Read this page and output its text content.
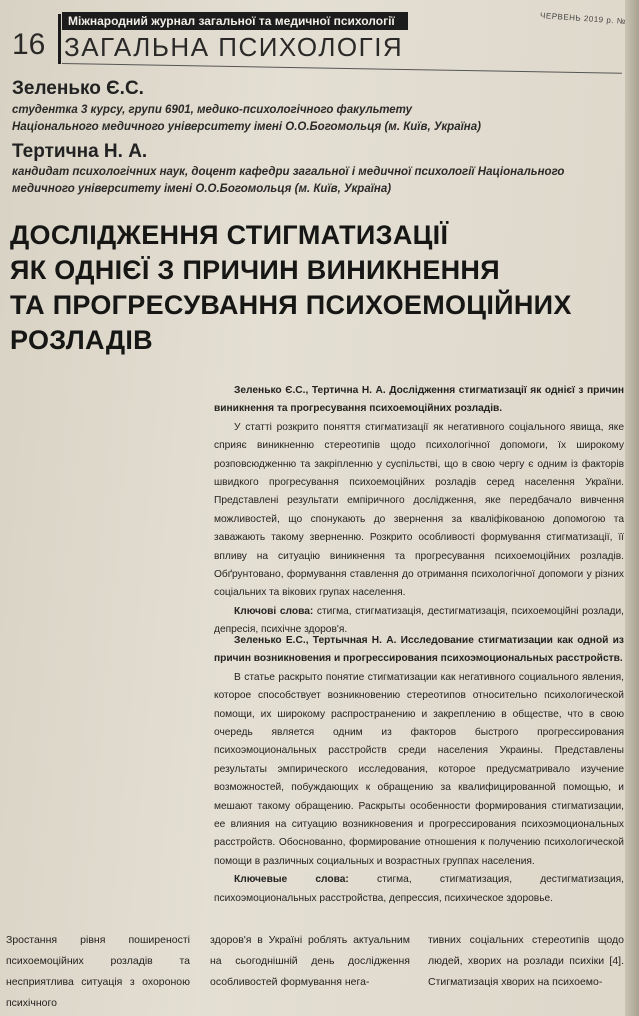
16
Міжнародний журнал загальної та медичної психології	ЧЕРВЕНЬ 2019 р. №
ЗАГАЛЬНА ПСИХОЛОГІЯ
Зеленько Є.С.
студентка 3 курсу, групи 6901, медико-психологічного факультету
Національного медичного університету імені О.О.Богомольця (м. Київ, Україна)
Тертична Н. А.
кандидат психологічних наук, доцент кафедри загальної і медичної психології Національного
медичного університету імені О.О.Богомольця (м. Київ, Україна)
ДОСЛІДЖЕННЯ СТИГМАТИЗАЦІЇ
ЯК ОДНІЄЇ З ПРИЧИН ВИНИКНЕННЯ
ТА ПРОГРЕСУВАННЯ ПСИХОЕМОЦІЙНИХ
РОЗЛАДІВ

Зеленько Є.С., Тертична Н. А. Дослідження стигматизації як однієї з причин виникнення та прогресування психоемоційних розладів.

У статті розкрито поняття стигматизації як негативного соціального явища, яке сприяє виникненню стереотипів щодо психологічної допомоги, їх широкому розповсюдженню та закріпленню у суспільстві, що в свою чергу є одним із факторів швидкого прогресування психоемоційних розладів серед населення України. Представлені результати емпіричного дослідження, яке передбачало вивчення можливостей, що спонукають до звернення за кваліфікованою допомогою та заважають такому зверненню. Розкрито особливості формування стигматизації, її впливу на ситуацію виникнення та прогресування психоемоційних розладів. Обґрунтовано, формування ставлення до отримання психологічної допомоги у різних соціальних та вікових групах населення.

Ключові слова: стигма, стигматизація, дестигматизація, психоемоційні розлади, депресія, психічне здоров'я.

Зеленько Е.С., Тертычная Н. А. Исследование стигматизации как одной из причин возникновения и прогрессирования психоэмоциональных расстройств.

В статье раскрыто понятие стигматизации как негативного социального явления, которое способствует возникновению стереотипов относительно психологической помощи, их широкому распространению и закреплению в обществе, что в свою очередь является одним из факторов быстрого прогрессирования психоэмоциональных расстройств среди населения Украины. Представлены результаты эмпирического исследования, которое предусматривало изучение возможностей, побуждающих к обращению за квалифицированной помощью, и мешают такому обращению. Раскрыты особенности формирования стигматизации, ее влияния на ситуацию возникновения и прогрессирования психоэмоциональных расстройств. Обоснованно, формирование отношения к получению психологической помощи в различных социальных и возрастных группах населения.

Ключевые слова:	стигма, стигматизация, дестигматизация, психоэмоциональных расстройства, депрессия, психическое здоровье.

Зростання рівня поширеності психоемоційних розладів та несприятлива ситуація з охороною психічного

здоров'я в Україні роблять актуальним на сьогоднішній день дослідження особливостей формування нега-

тивних соціальних стереотипів щодо людей, хворих на розлади психіки [4]. Стигматизація хворих на психоемо-
